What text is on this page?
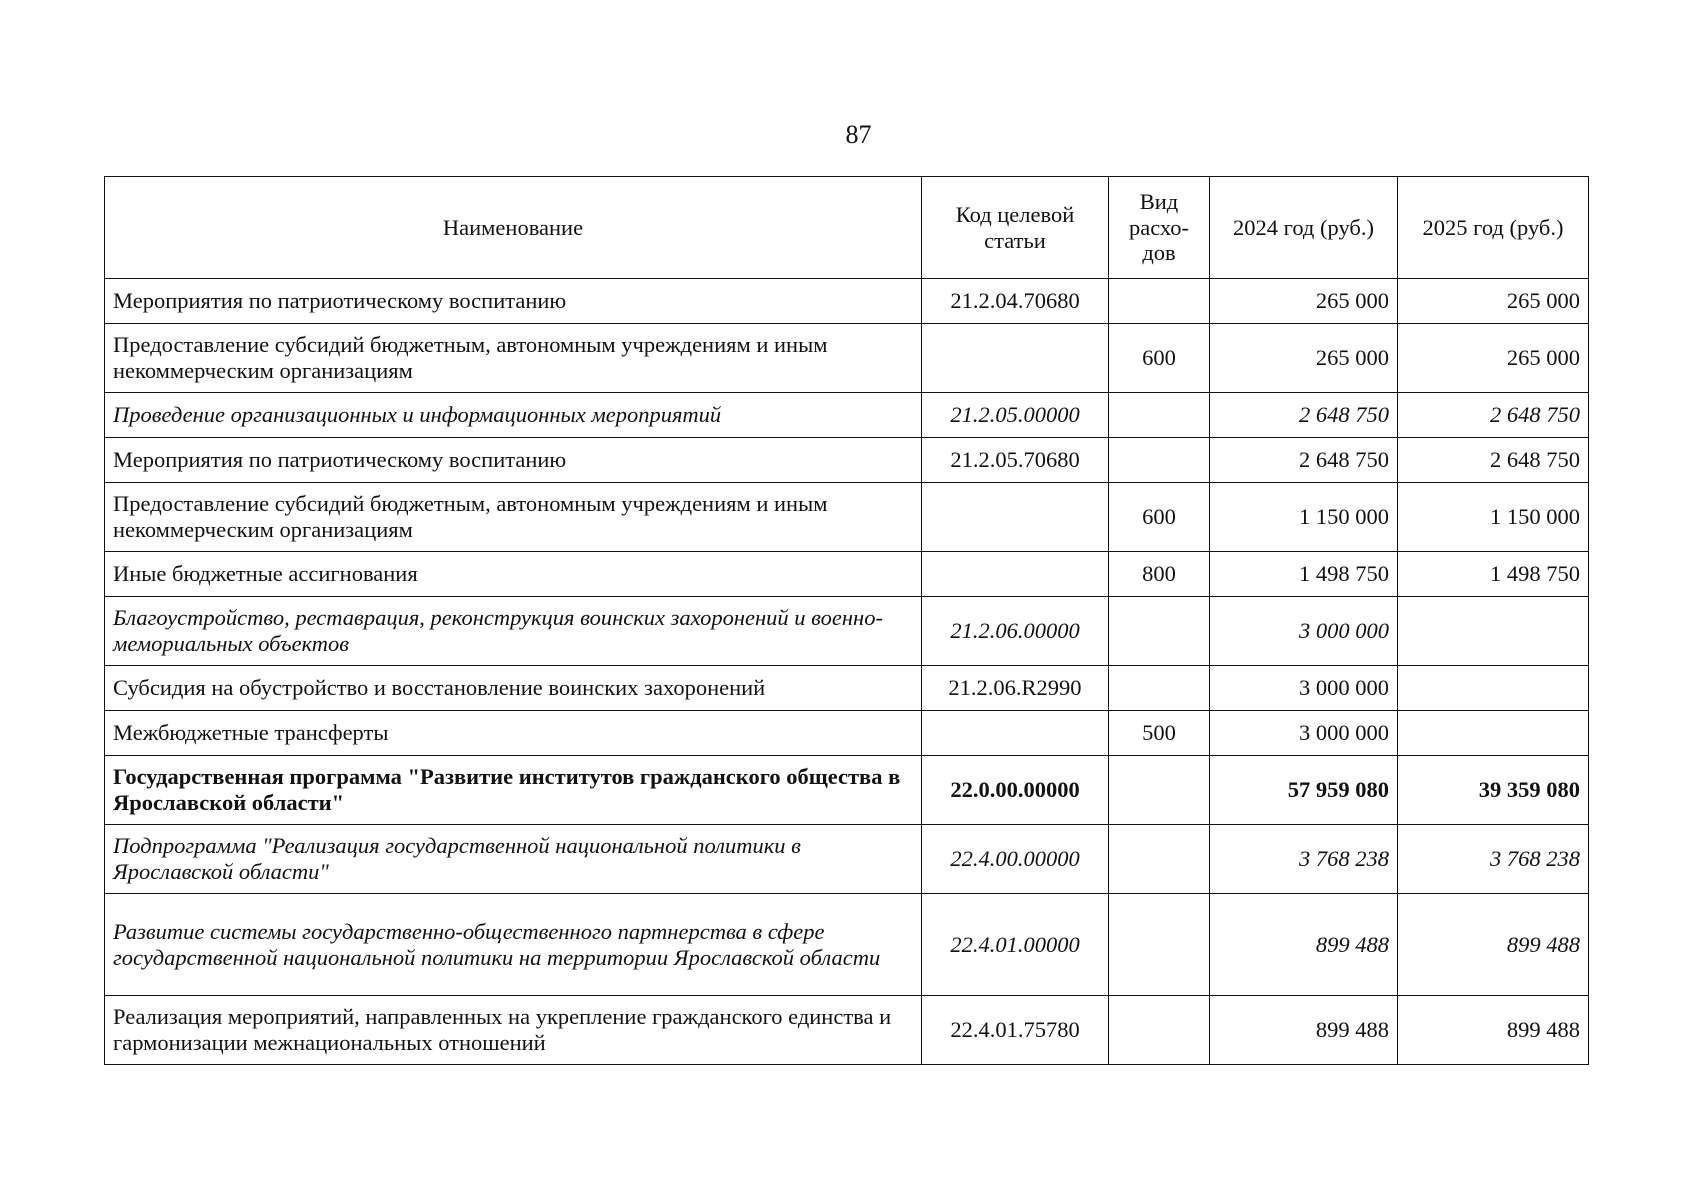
87
Наименование	Код целевой статьи	Вид расхо-дов	2024 год (руб.)	2025 год (руб.)
Мероприятия по патриотическому воспитанию	21.2.04.70680		265 000	265 000
Предоставление субсидий бюджетным, автономным учреждениям и иным некоммерческим организациям		600	265 000	265 000
Проведение организационных и информационных мероприятий	21.2.05.00000		2 648 750	2 648 750
Мероприятия по патриотическому воспитанию	21.2.05.70680		2 648 750	2 648 750
Предоставление субсидий бюджетным, автономным учреждениям и иным некоммерческим организациям		600	1 150 000	1 150 000
Иные бюджетные ассигнования		800	1 498 750	1 498 750
Благоустройство, реставрация, реконструкция воинских захоронений и военно-мемориальных объектов	21.2.06.00000		3 000 000	
Субсидия на обустройство и восстановление воинских захоронений	21.2.06.R2990		3 000 000	
Межбюджетные трансферты		500	3 000 000	
Государственная программа "Развитие институтов гражданского общества в Ярославской области"	22.0.00.00000		57 959 080	39 359 080
Подпрограмма "Реализация государственной национальной политики в Ярославской области"	22.4.00.00000		3 768 238	3 768 238
Развитие системы государственно-общественного партнерства в сфере государственной национальной политики на территории Ярославской области	22.4.01.00000		899 488	899 488
Реализация мероприятий, направленных на укрепление гражданского единства и гармонизации межнациональных отношений	22.4.01.75780		899 488	899 488
